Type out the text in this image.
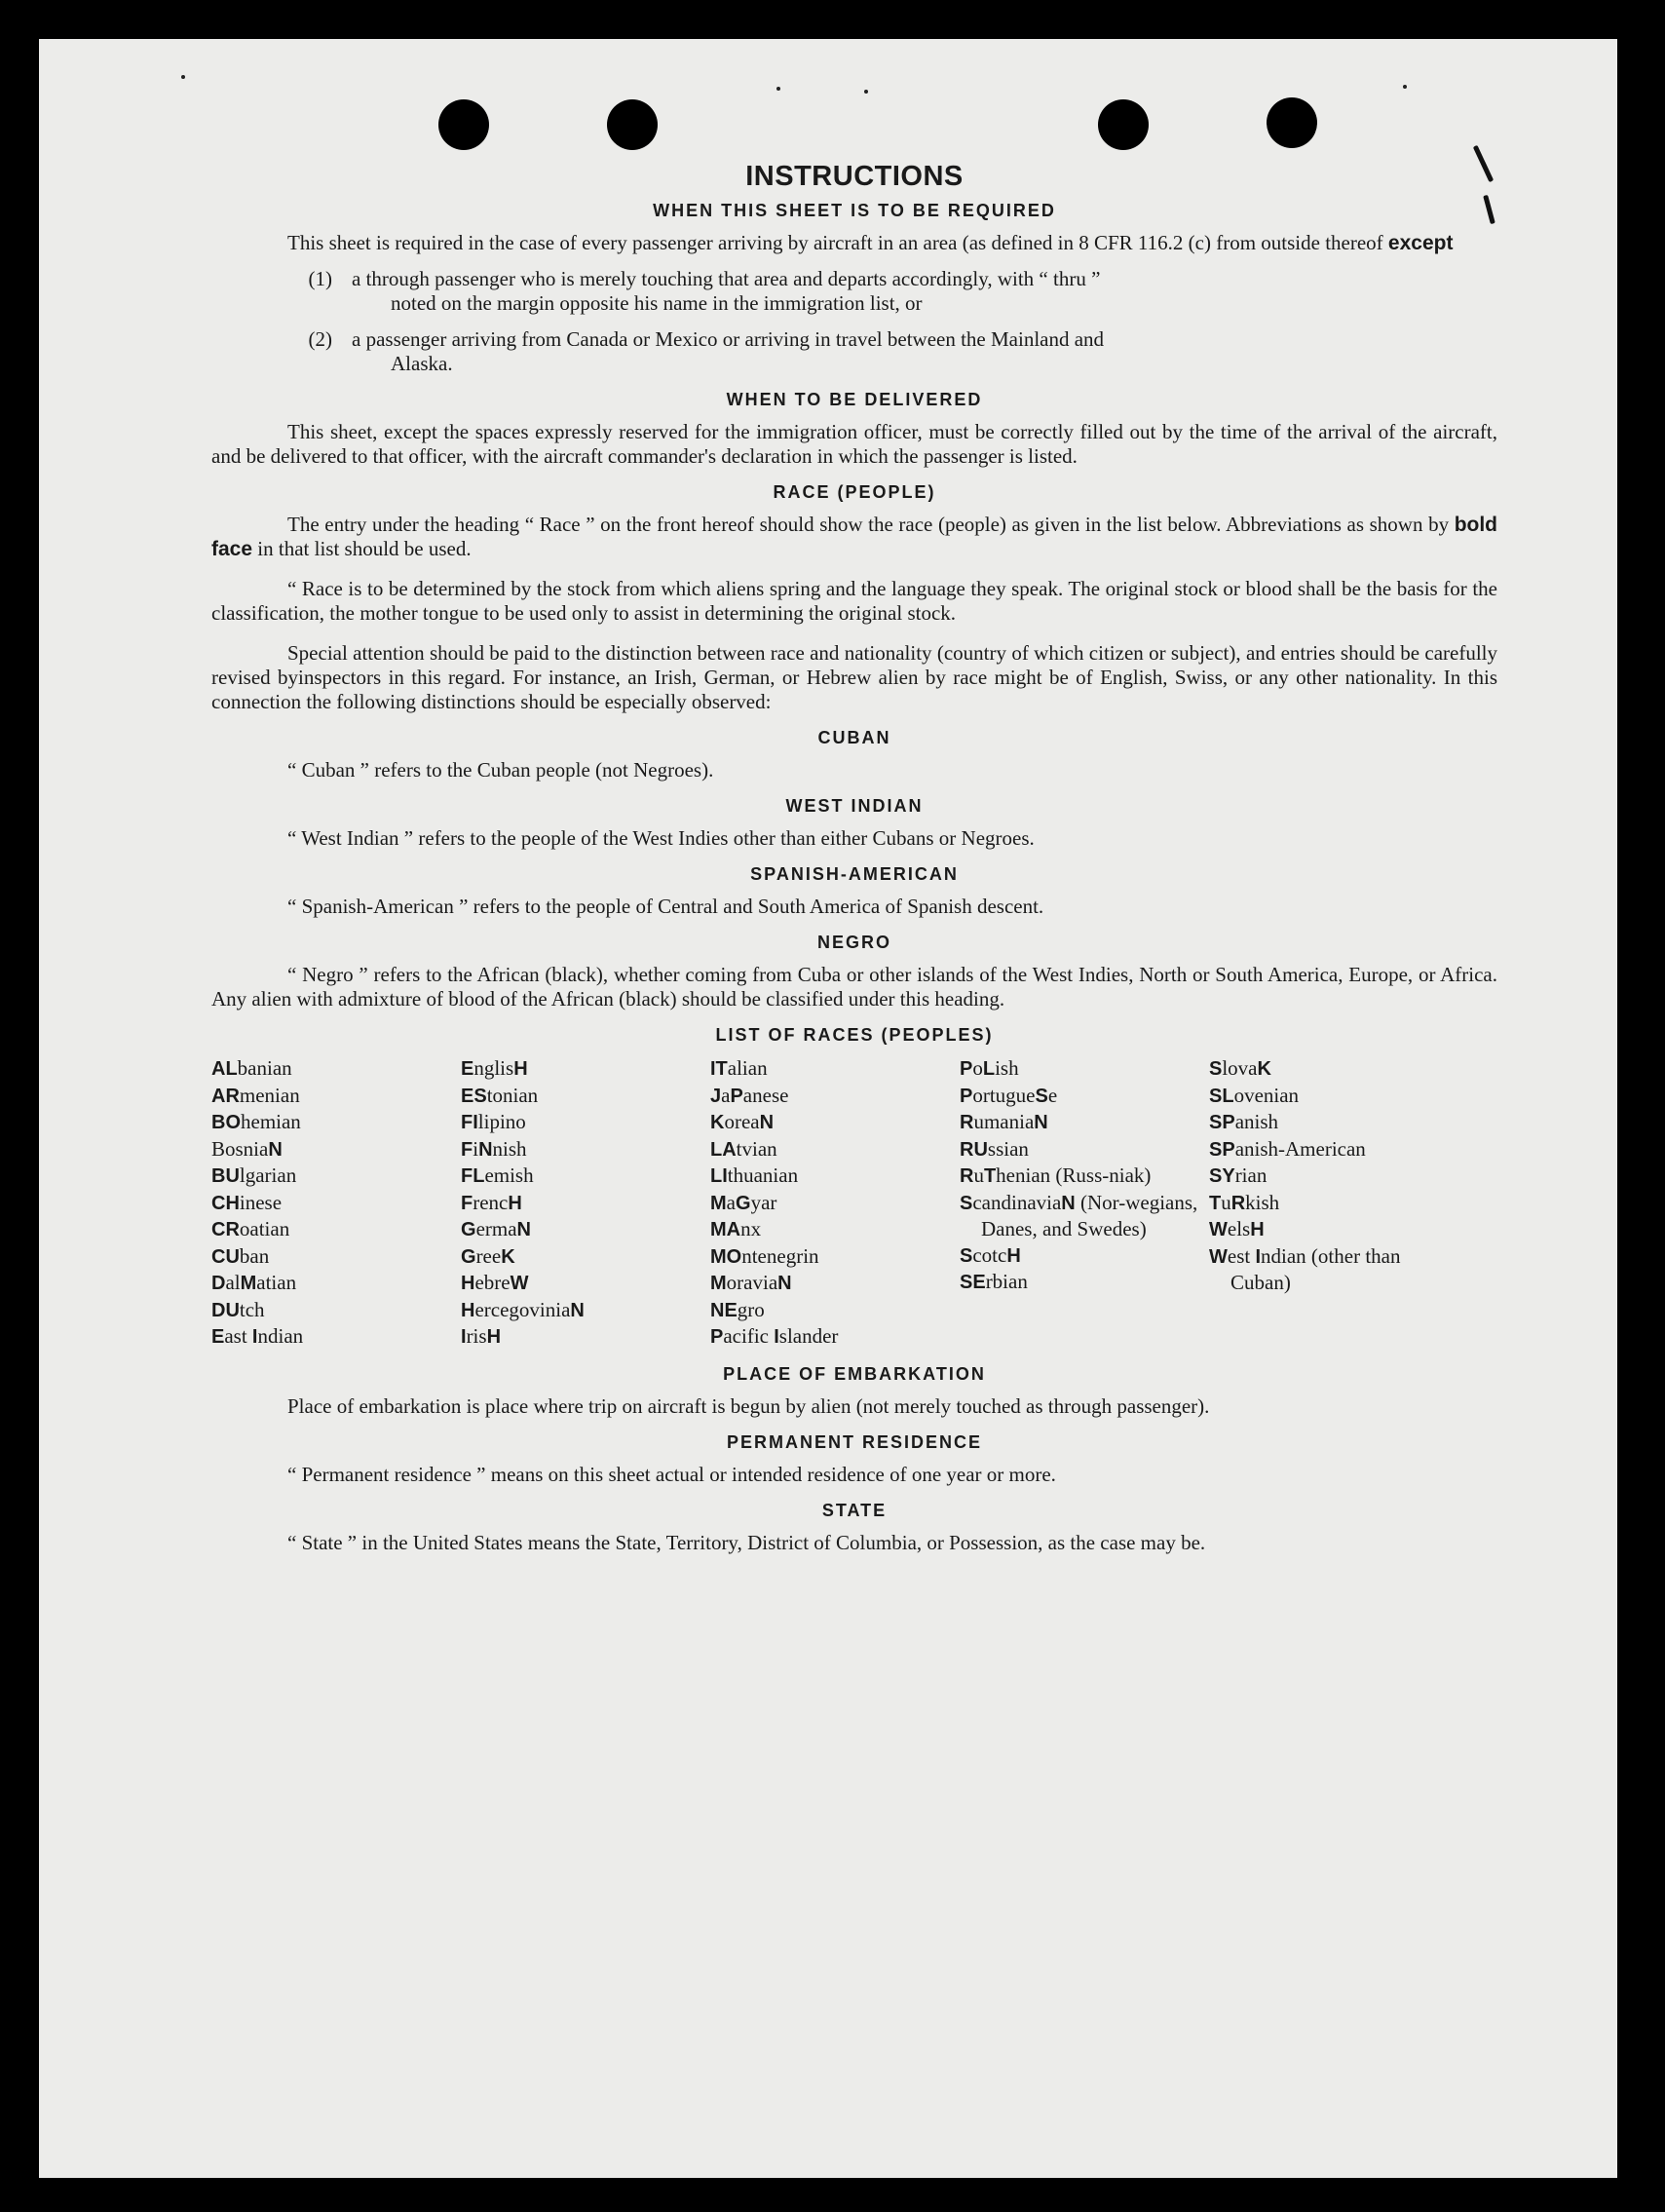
INSTRUCTIONS
WHEN THIS SHEET IS TO BE REQUIRED

This sheet is required in the case of every passenger arriving by aircraft in an area (as defined in 8 CFR 116.2 (c) from outside thereof except

(1) a through passenger who is merely touching that area and departs accordingly, with “ thru ”
noted on the margin opposite his name in the immigration list, or
(2) a passenger arriving from Canada or Mexico or arriving in travel between the Mainland and
Alaska.
WHEN TO BE DELIVERED

This sheet, except the spaces expressly reserved for the immigration officer, must be correctly filled out by the time of the arrival of the aircraft, and be delivered to that officer, with the aircraft commander's declaration in which the passenger is listed.

RACE (PEOPLE)

The entry under the heading “ Race ” on the front hereof should show the race (people) as given in the list below. Abbreviations as shown by bold face in that list should be used.

“ Race is to be determined by the stock from which aliens spring and the language they speak. The original stock or blood shall be the basis for the classification, the mother tongue to be used only to assist in determining the original stock.

Special attention should be paid to the distinction between race and nationality (country of which citizen or subject), and entries should be carefully revised byinspectors in this regard. For instance, an Irish, German, or Hebrew alien by race might be of English, Swiss, or any other nationality. In this connection the following distinctions should be especially observed:

CUBAN

“ Cuban ” refers to the Cuban people (not Negroes).

WEST INDIAN

“ West Indian ” refers to the people of the West Indies other than either Cubans or Negroes.

SPANISH-AMERICAN

“ Spanish-American ” refers to the people of Central and South America of Spanish descent.

NEGRO

“ Negro ” refers to the African (black), whether coming from Cuba or other islands of the West Indies, North or South America, Europe, or Africa. Any alien with admixture of blood of the African (black) should be classified under this heading.

LIST OF RACES (PEOPLES)
ALbanian
ARmenian
BOhemian
BosniaN
BUlgarian
CHinese
CRoatian
CUban
DalMatian
DUtch
East Indian
EnglisH
EStonian
FIlipino
FiNnish
FLemish
FrencH
GermaN
GreeK
HebreW
HercegoviniaN
IrisH
ITalian
JaPanese
KoreaN
LAtvian
LIthuanian
MaGyar
MAnx
MOntenegrin
MoraviaN
NEgro
Pacific Islander
PoLish
PortugueSe
RumaniaN
RUssian
RuThenian (Russ-niak)
ScandinaviaN (Nor-wegians, Danes, and Swedes)
ScotcH
SErbian
SlovaK
SLovenian
SPanish
SPanish-American
SYrian
TuRkish
WelsH
West Indian (other than Cuban)
PLACE OF EMBARKATION

Place of embarkation is place where trip on aircraft is begun by alien (not merely touched as through passenger).

PERMANENT RESIDENCE

“ Permanent residence ” means on this sheet actual or intended residence of one year or more.

STATE

“ State ” in the United States means the State, Territory, District of Columbia, or Possession, as the case may be.
